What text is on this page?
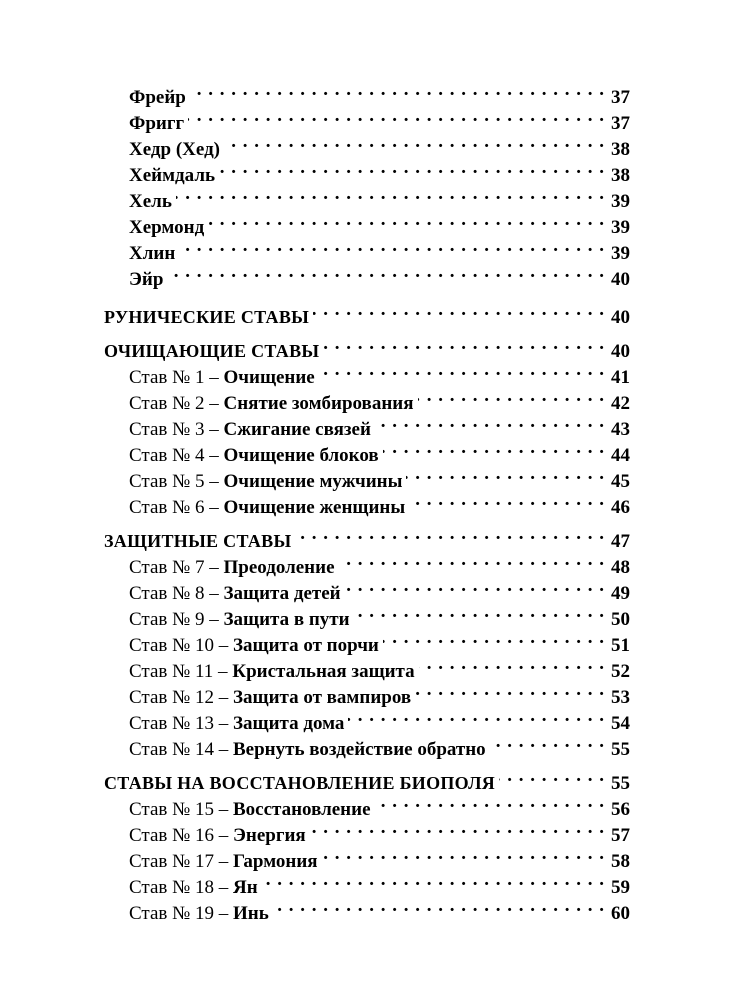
Фрейр . . .	37
Фригг . . .	37
Хедр (Хед) . . .	38
Хеймдаль . . .	38
Хель . . .	39
Хермонд . . .	39
Хлин . . .	39
Эйр . . .	40
РУНИЧЕСКИЕ СТАВЫ . . .	40
ОЧИЩАЮЩИЕ СТАВЫ . . .	40
Став № 1 – Очищение . . .	41
Став № 2 – Снятие зомбирования . . .	42
Став № 3 – Сжигание связей . . .	43
Став № 4 – Очищение блоков . . .	44
Став № 5 – Очищение мужчины . . .	45
Став № 6 – Очищение женщины . . .	46
ЗАЩИТНЫЕ СТАВЫ . . .	47
Став № 7 – Преодоление . . .	48
Став № 8 – Защита детей . . .	49
Став № 9 – Защита в пути . . .	50
Став № 10 – Защита от порчи . . .	51
Став № 11 – Кристальная защита . . .	52
Став № 12 – Защита от вампиров . . .	53
Став № 13 – Защита дома . . .	54
Став № 14 – Вернуть воздействие обратно . . .	55
СТАВЫ НА ВОССТАНОВЛЕНИЕ БИОПОЛЯ . . .	55
Став № 15 – Восстановление . . .	56
Став № 16 – Энергия . . .	57
Став № 17 – Гармония . . .	58
Став № 18 – Ян . . .	59
Став № 19 – Инь . . .	60
